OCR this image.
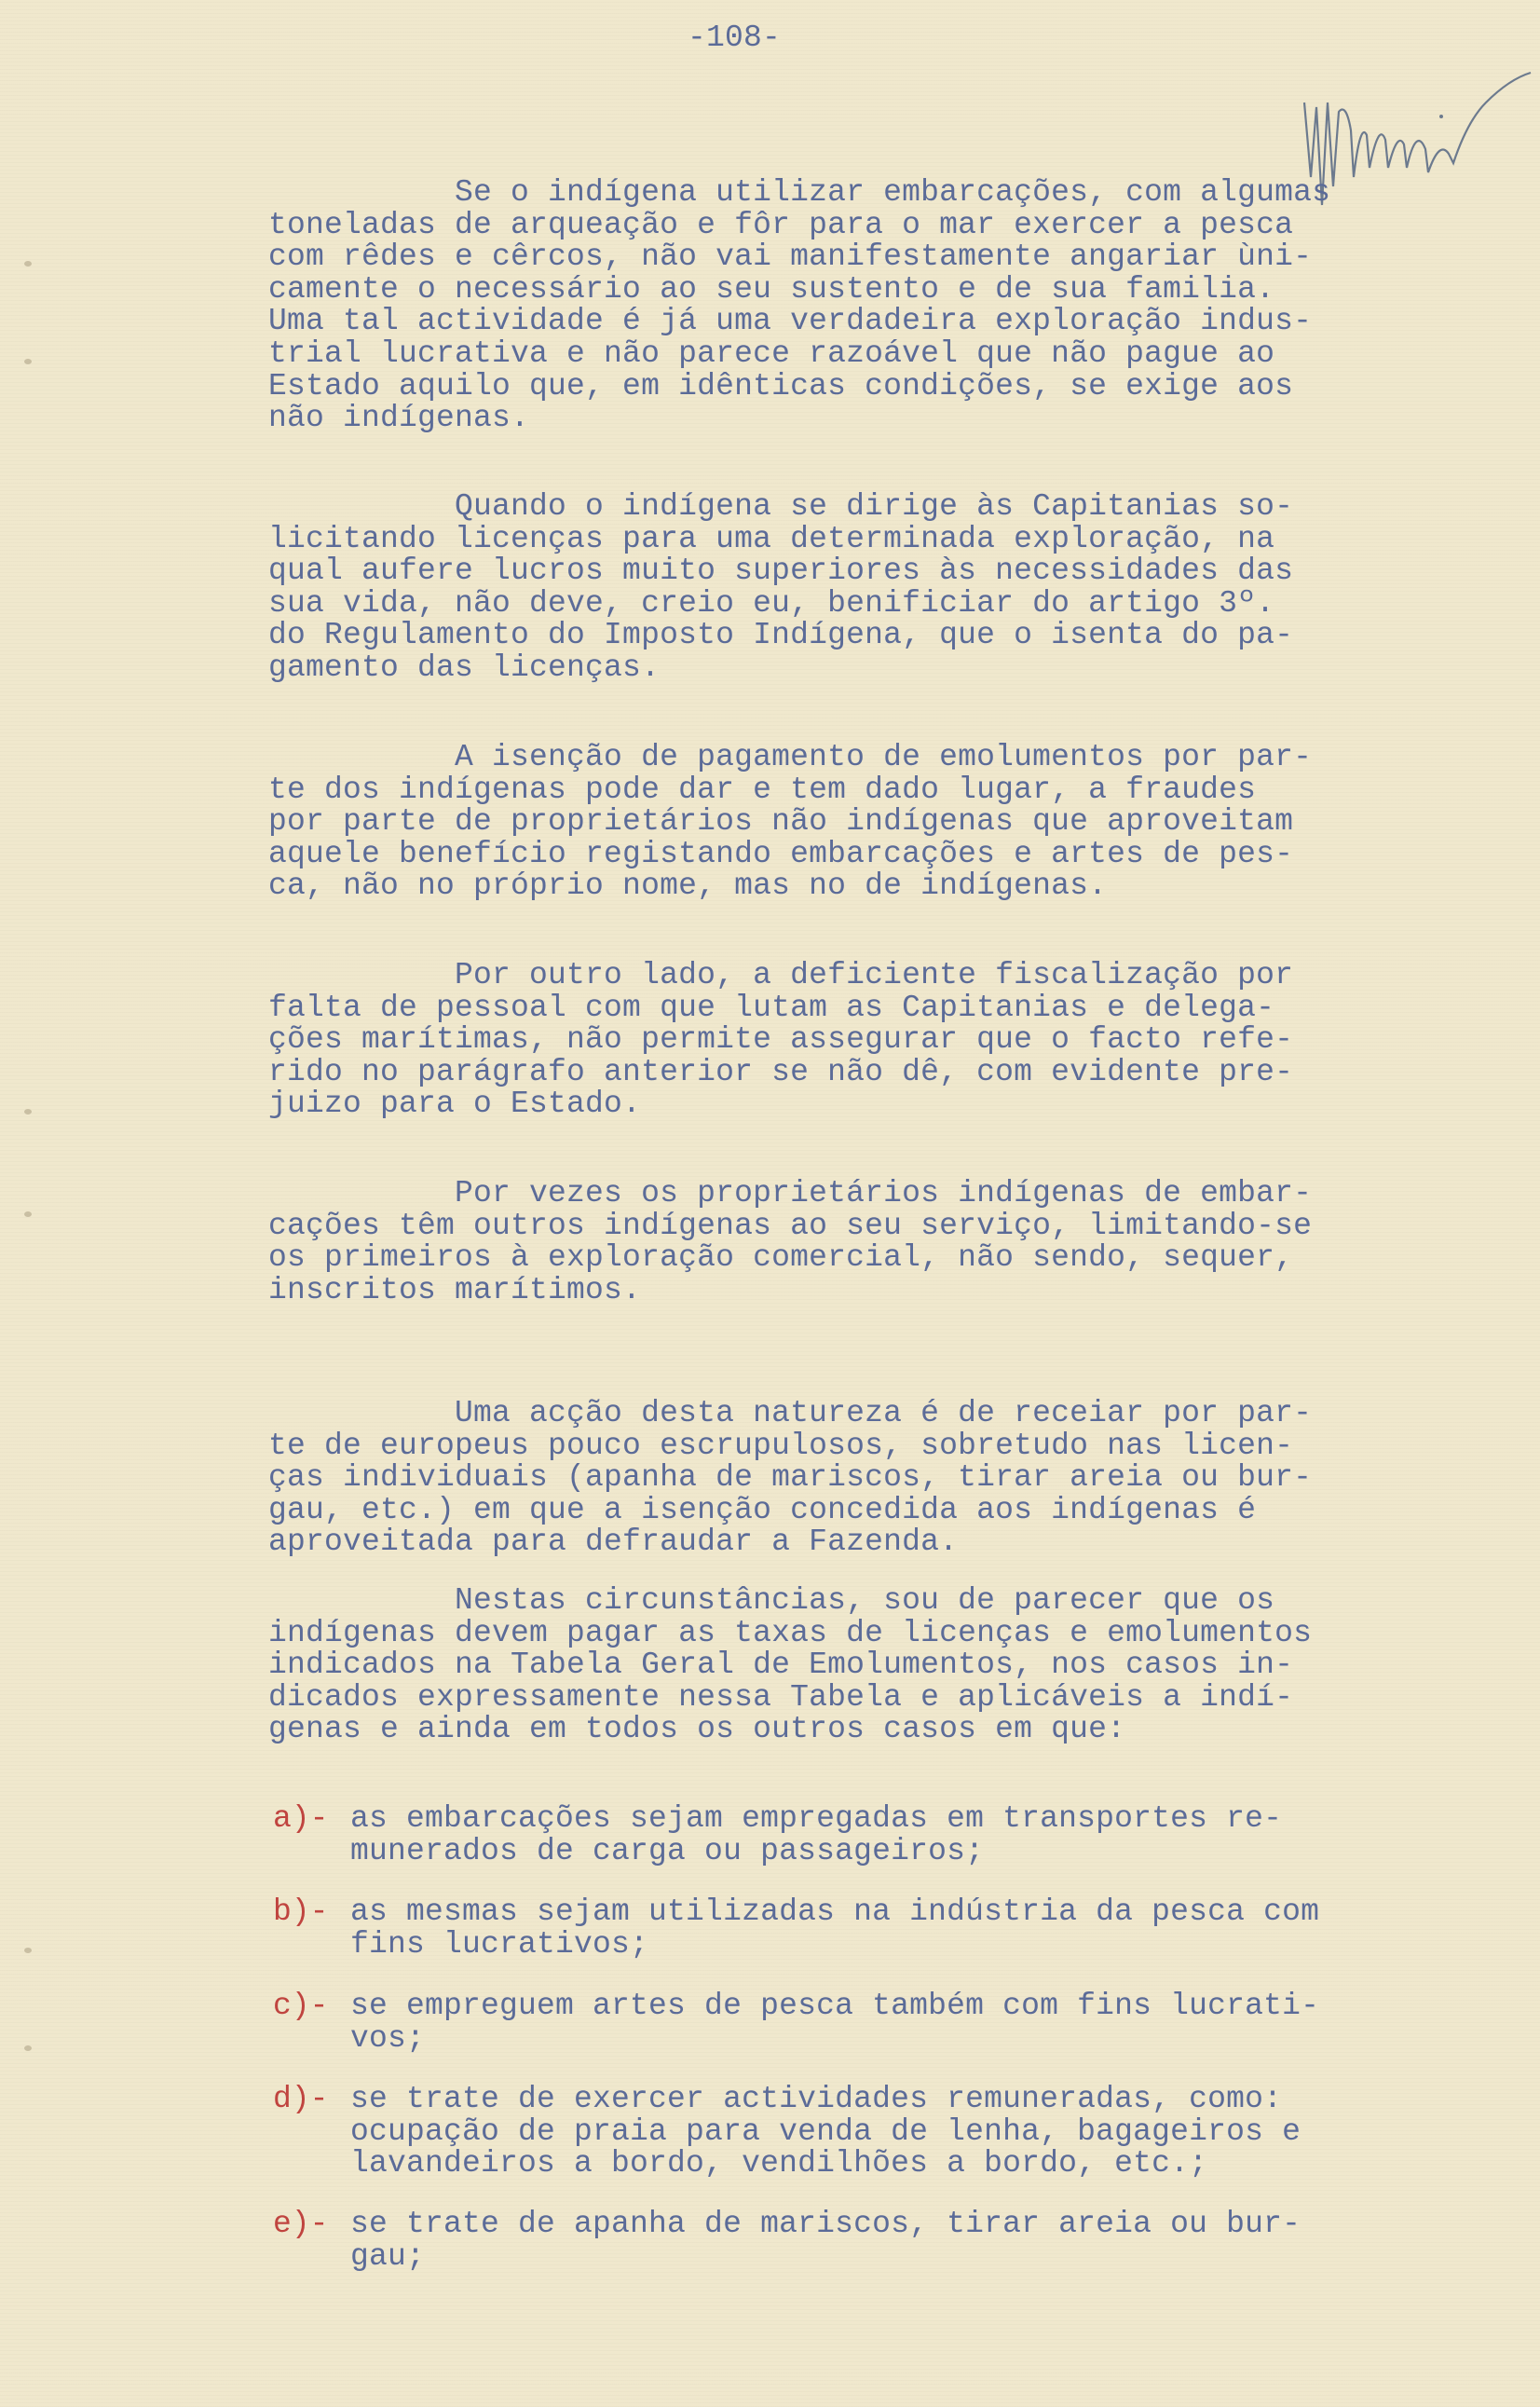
-108-
Se o indígena utilizar embarcações, com algumas
toneladas de arqueação e fôr para o mar exercer a pesca
com rêdes e cêrcos, não vai manifestamente angariar ùni-
camente o necessário ao seu sustento e de sua familia.
Uma tal actividade é já uma verdadeira exploração indus-
trial lucrativa e não parece razoável que não pague ao
Estado aquilo que, em idênticas condições, se exige aos
não indígenas.
Quando o indígena se dirige às Capitanias so-
licitando licenças para uma determinada exploração, na
qual aufere lucros muito superiores às necessidades das
sua vida, não deve, creio eu, benificiar do artigo 3º.
do Regulamento do Imposto Indígena, que o isenta do pa-
gamento das licenças.
A isenção de pagamento de emolumentos por par-
te dos indígenas pode dar e tem dado lugar, a fraudes
por parte de proprietários não indígenas que aproveitam
aquele benefício registando embarcações e artes de pes-
ca, não no próprio nome, mas no de indígenas.
Por outro lado, a deficiente fiscalização por
falta de pessoal com que lutam as Capitanias e delega-
ções marítimas, não permite assegurar que o facto refe-
rido no parágrafo anterior se não dê, com evidente pre-
juizo para o Estado.
Por vezes os proprietários indígenas de embar-
cações têm outros indígenas ao seu serviço, limitando-se
os primeiros à exploração comercial, não sendo, sequer,
inscritos marítimos.
Uma acção desta natureza é de receiar por par-
te de europeus pouco escrupulosos, sobretudo nas licen-
ças individuais (apanha de mariscos, tirar areia ou bur-
gau, etc.) em que a isenção concedida aos indígenas é
aproveitada para defraudar a Fazenda.
Nestas circunstâncias, sou de parecer que os
indígenas devem pagar as taxas de licenças e emolumentos
indicados na Tabela Geral de Emolumentos, nos casos in-
dicados expressamente nessa Tabela e aplicáveis a indí-
genas e ainda em todos os outros casos em que:
a)- as embarcações sejam empregadas em transportes re-
munerados de carga ou passageiros;
b)- as mesmas sejam utilizadas na indústria da pesca com
fins lucrativos;
c)- se empreguem artes de pesca também com fins lucrati-
vos;
d)- se trate de exercer actividades remuneradas, como:
ocupação de praia para venda de lenha, bagageiros e
lavandeiros a bordo, vendilhões a bordo, etc.;
e)- se trate de apanha de mariscos, tirar areia ou bur-
gau;
